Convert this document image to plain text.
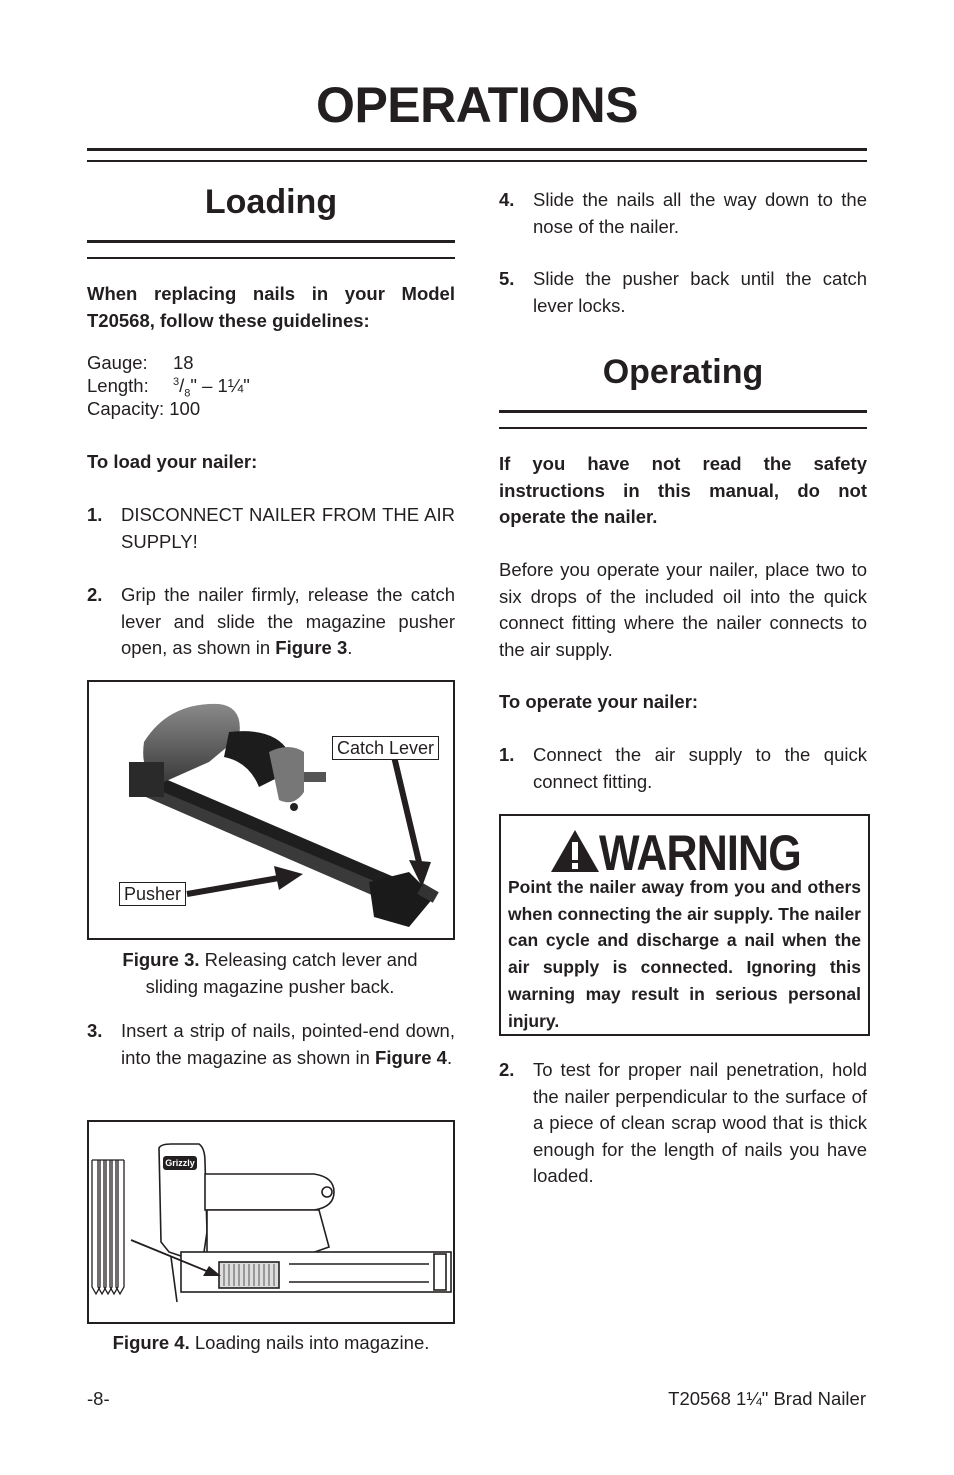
OPERATIONS
Loading
When replacing nails in your Model T20568, follow these guidelines:
Gauge: 18
Length: $^3/_8$" – 1¼"
Capacity: 100
To load your nailer:
1. DISCONNECT NAILER FROM THE AIR SUPPLY!
2. Grip the nailer firmly, release the catch lever and slide the magazine pusher open, as shown in Figure 3.
Catch Lever
Pusher
Figure 3. Releasing catch lever and sliding magazine pusher back.
3. Insert a strip of nails, pointed-end down, into the magazine as shown in Figure 4.
Grizzly
Figure 4. Loading nails into magazine.
4. Slide the nails all the way down to the nose of the nailer.
5. Slide the pusher back until the catch lever locks.
Operating
If you have not read the safety instructions in this manual, do not operate the nailer.
Before you operate your nailer, place two to six drops of the included oil into the quick connect fitting where the nailer connects to the air supply.
To operate your nailer:
1. Connect the air supply to the quick connect fitting.
WARNING
Point the nailer away from you and others when connecting the air supply. The nailer can cycle and discharge a nail when the air supply is connected. Ignoring this warning may result in serious personal injury.
2. To test for proper nail penetration, hold the nailer perpendicular to the surface of a piece of clean scrap wood that is thick enough for the length of nails you have loaded.
-8-	T20568 1¼" Brad Nailer
